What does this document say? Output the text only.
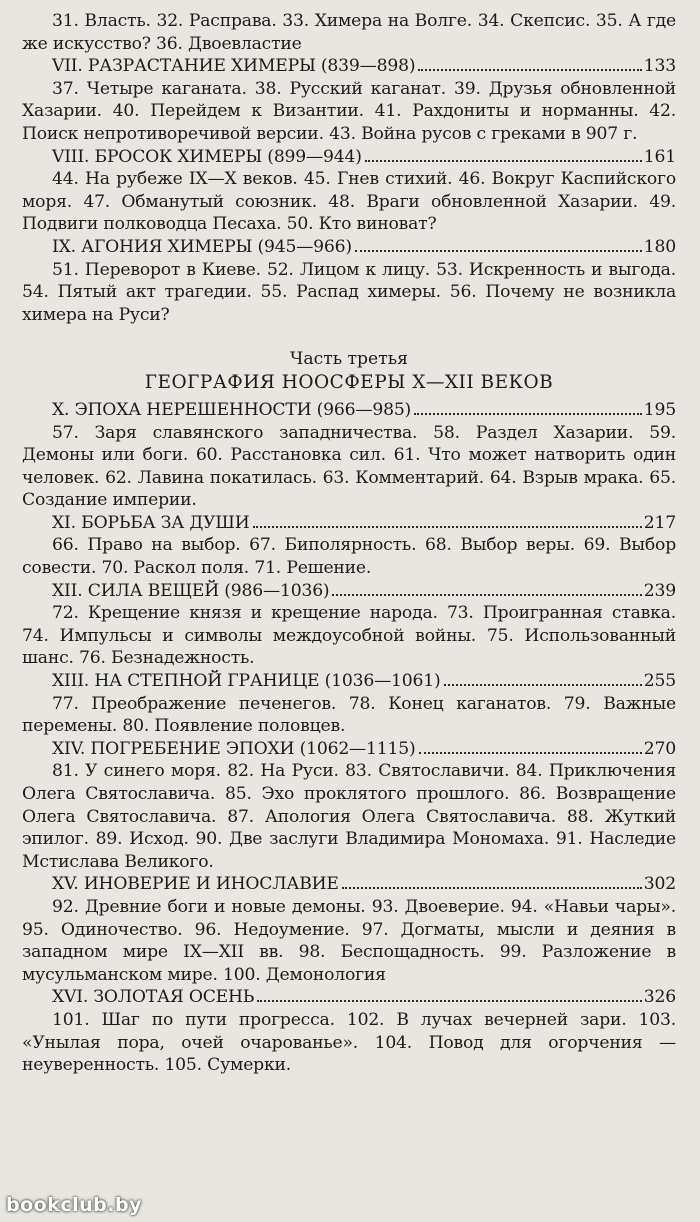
31. Власть. 32. Расправа. 33. Химера на Волге. 34. Скепсис. 35. А где же искусство? 36. Двоевластие

VII. РАЗРАСТАНИЕ ХИМЕРЫ (839—898)	133

37. Четыре каганата. 38. Русский каганат. 39. Друзья обновленной Хазарии. 40. Перейдем к Византии. 41. Рахдониты и норманны. 42. Поиск непротиворечивой версии. 43. Война русов с греками в 907 г.

VIII. БРОСОК ХИМЕРЫ (899—944)	161

44. На рубеже IX—X веков. 45. Гнев стихий. 46. Вокруг Каспийского моря. 47. Обманутый союзник. 48. Враги обновленной Хазарии. 49. Подвиги полководца Песаха. 50. Кто виноват?

IX. АГОНИЯ ХИМЕРЫ (945—966)	180

51. Переворот в Киеве. 52. Лицом к лицу. 53. Искренность и выгода. 54. Пятый акт трагедии. 55. Распад химеры. 56. Почему не возникла химера на Руси?

Часть третья
ГЕОГРАФИЯ НООСФЕРЫ X—XII ВЕКОВ
X. ЭПОХА НЕРЕШЕННОСТИ (966—985)	195

57. Заря славянского западничества. 58. Раздел Хазарии. 59. Демоны или боги. 60. Расстановка сил. 61. Что может натворить один человек. 62. Лавина покатилась. 63. Комментарий. 64. Взрыв мрака. 65. Создание империи.

XI. БОРЬБА ЗА ДУШИ	217

66. Право на выбор. 67. Биполярность. 68. Выбор веры. 69. Выбор совести. 70. Раскол поля. 71. Решение.

XII. СИЛА ВЕЩЕЙ (986—1036)	239

72. Крещение князя и крещение народа. 73. Проигранная ставка. 74. Импульсы и символы междоусобной войны. 75. Использованный шанс. 76. Безнадежность.

XIII. НА СТЕПНОЙ ГРАНИЦЕ (1036—1061)	255

77. Преображение печенегов. 78. Конец каганатов. 79. Важные перемены. 80. Появление половцев.

XIV. ПОГРЕБЕНИЕ ЭПОХИ (1062—1115)	270

81. У синего моря. 82. На Руси. 83. Святославичи. 84. Приключения Олега Святославича. 85. Эхо проклятого прошлого. 86. Возвращение Олега Святославича. 87. Апология Олега Святославича. 88. Жуткий эпилог. 89. Исход. 90. Две заслуги Владимира Мономаха. 91. Наследие Мстислава Великого.

XV. ИНОВЕРИЕ И ИНОСЛАВИЕ	302

92. Древние боги и новые демоны. 93. Двоеверие. 94. «Навьи чары». 95. Одиночество. 96. Недоумение. 97. Догматы, мысли и деяния в западном мире IX—XII вв. 98. Беспощадность. 99. Разложение в мусульманском мире. 100. Демонология

XVI. ЗОЛОТАЯ ОСЕНЬ	326

101. Шаг по пути прогресса. 102. В лучах вечерней зари. 103. «Унылая пора, очей очарованье». 104. Повод для огорчения — неуверенность. 105. Сумерки.

bookclub.by
